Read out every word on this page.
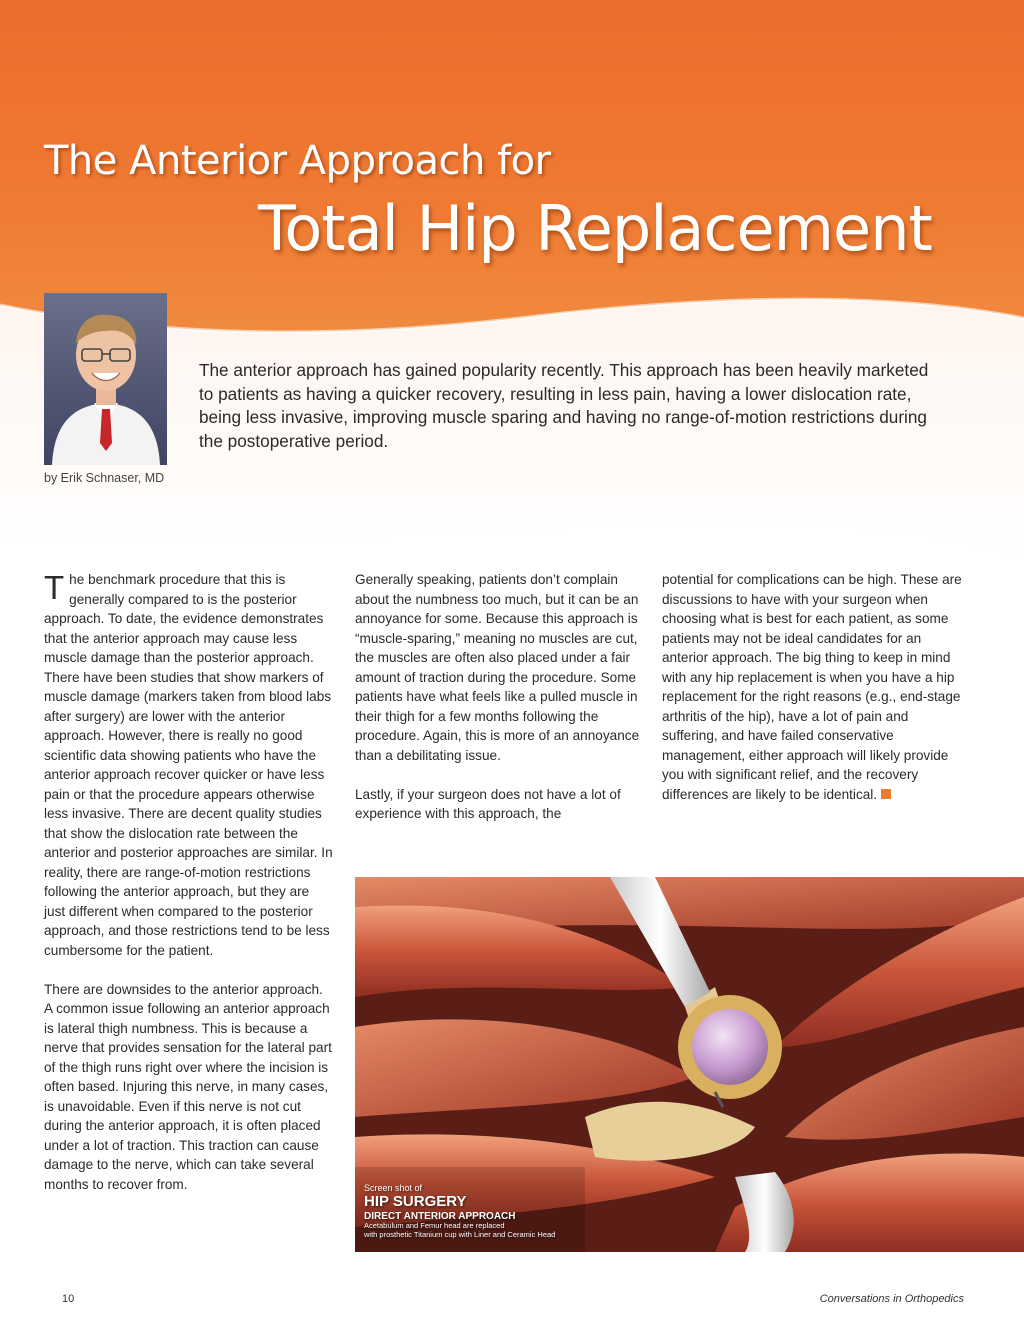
The Anterior Approach for
Total Hip Replacement
by Erik Schnaser, MD

The anterior approach has gained popularity recently. This approach has been heavily marketed to patients as having a quicker recovery, resulting in less pain, having a lower dislocation rate, being less invasive, improving muscle sparing and having no range-of-motion restrictions during the postoperative period.

The benchmark procedure that this is generally compared to is the posterior approach. To date, the evidence demonstrates that the anterior approach may cause less muscle damage than the posterior approach. There have been studies that show markers of muscle damage (markers taken from blood labs after surgery) are lower with the anterior approach. However, there is really no good scientific data showing patients who have the anterior approach recover quicker or have less pain or that the procedure appears otherwise less invasive. There are decent quality studies that show the dislocation rate between the anterior and posterior approaches are similar. In reality, there are range-of-motion restrictions following the anterior approach, but they are just different when compared to the posterior approach, and those restrictions tend to be less cumbersome for the patient.

There are downsides to the anterior approach. A common issue following an anterior approach is lateral thigh numbness. This is because a nerve that provides sensation for the lateral part of the thigh runs right over where the incision is often based. Injuring this nerve, in many cases, is unavoidable. Even if this nerve is not cut during the anterior approach, it is often placed under a lot of traction. This traction can cause damage to the nerve, which can take several months to recover from.

Generally speaking, patients don’t complain about the numbness too much, but it can be an annoyance for some. Because this approach is “muscle-sparing,” meaning no muscles are cut, the muscles are often also placed under a fair amount of traction during the procedure. Some patients have what feels like a pulled muscle in their thigh for a few months following the procedure. Again, this is more of an annoyance than a debilitating issue.

Lastly, if your surgeon does not have a lot of experience with this approach, the

potential for complications can be high. These are discussions to have with your surgeon when choosing what is best for each patient, as some patients may not be ideal candidates for an anterior approach. The big thing to keep in mind with any hip replacement is when you have a hip replacement for the right reasons (e.g., end-stage arthritis of the hip), have a lot of pain and suffering, and have failed conservative management, either approach will likely provide you with significant relief, and the recovery differences are likely to be identical.

Screen shot of
HIP SURGERY
DIRECT ANTERIOR APPROACH
Acetabulum and Femur head are replaced
with prosthetic Titanium cup with Liner and Ceramic Head
10	Conversations in Orthopedics
